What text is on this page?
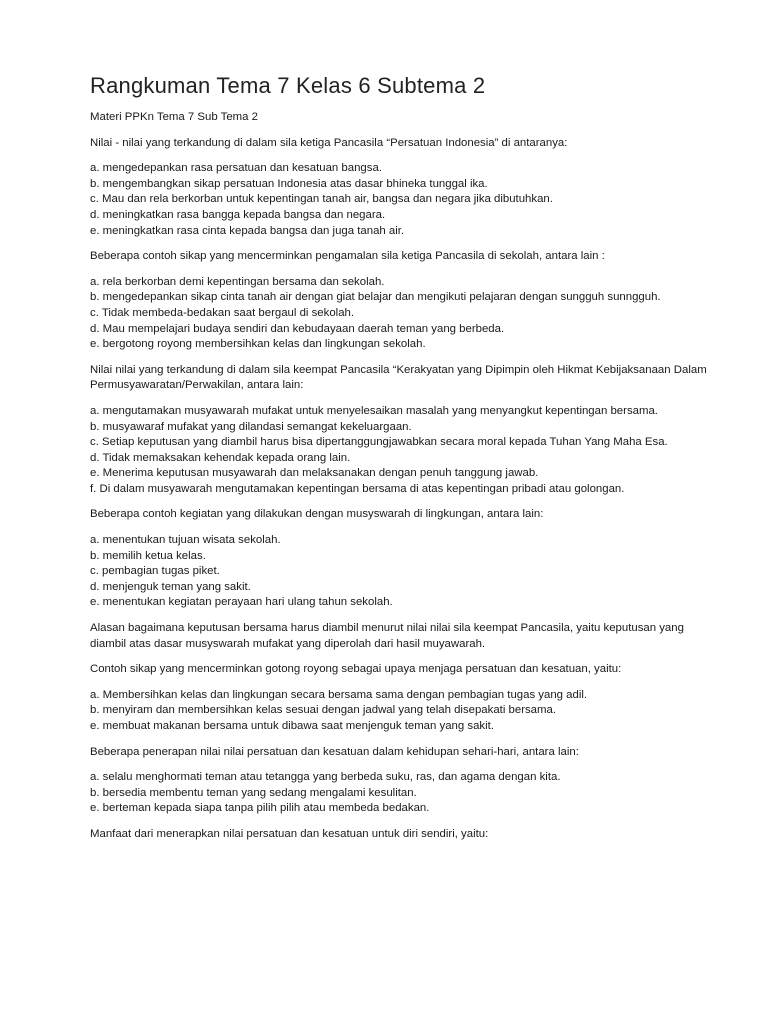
Rangkuman Tema 7 Kelas 6 Subtema 2

Materi PPKn Tema 7 Sub Tema 2

Nilai - nilai yang terkandung di dalam sila ketiga Pancasila “Persatuan Indonesia” di antaranya:

a. mengedepankan rasa persatuan dan kesatuan bangsa.
b. mengembangkan sikap persatuan Indonesia atas dasar bhineka tunggal ika.
c. Mau dan rela berkorban untuk kepentingan tanah air, bangsa dan negara jika dibutuhkan.
d. meningkatkan rasa bangga kepada bangsa dan negara.
e. meningkatkan rasa cinta kepada bangsa dan juga tanah air.

Beberapa contoh sikap yang mencerminkan pengamalan sila ketiga Pancasila di sekolah, antara lain :

a. rela berkorban demi kepentingan bersama dan sekolah.
b. mengedepankan sikap cinta tanah air dengan giat belajar dan mengikuti pelajaran dengan sungguh sunngguh.
c. Tidak membeda-bedakan saat bergaul di sekolah.
d. Mau mempelajari budaya sendiri dan kebudayaan daerah teman yang berbeda.
e. bergotong royong membersihkan kelas dan lingkungan sekolah.

Nilai nilai yang terkandung di dalam sila keempat Pancasila “Kerakyatan yang Dipimpin oleh Hikmat Kebijaksanaan Dalam Permusyawaratan/Perwakilan, antara lain:

a. mengutamakan musyawarah mufakat untuk menyelesaikan masalah yang menyangkut kepentingan bersama.
b. musyawaraf mufakat yang dilandasi semangat kekeluargaan.
c. Setiap keputusan yang diambil harus bisa dipertanggungjawabkan secara moral kepada Tuhan Yang Maha Esa.
d. Tidak memaksakan kehendak kepada orang lain.
e. Menerima keputusan musyawarah dan melaksanakan dengan penuh tanggung jawab.
f. Di dalam musyawarah mengutamakan kepentingan bersama di atas kepentingan pribadi atau golongan.

Beberapa contoh kegiatan yang dilakukan dengan musyswarah di lingkungan, antara lain:

a. menentukan tujuan wisata sekolah.
b. memilih ketua kelas.
c. pembagian tugas piket.
d. menjenguk teman yang sakit.
e. menentukan kegiatan perayaan hari ulang tahun sekolah.

Alasan bagaimana keputusan bersama harus diambil menurut nilai nilai sila keempat Pancasila, yaitu keputusan yang diambil atas dasar musyswarah mufakat yang diperolah dari hasil muyawarah.

Contoh sikap yang mencerminkan gotong royong sebagai upaya menjaga persatuan dan kesatuan, yaitu:

a. Membersihkan kelas dan lingkungan secara bersama sama dengan pembagian tugas yang adil.
b. menyiram dan membersihkan kelas sesuai dengan jadwal yang telah disepakati bersama.
e. membuat makanan bersama untuk dibawa saat menjenguk teman yang sakit.

Beberapa penerapan nilai nilai persatuan dan kesatuan dalam kehidupan sehari-hari, antara lain:

a. selalu menghormati teman atau tetangga yang berbeda suku, ras, dan agama dengan kita.
b. bersedia membentu teman yang sedang mengalami kesulitan.
e. berteman kepada siapa tanpa pilih pilih atau membeda bedakan.

Manfaat dari menerapkan nilai persatuan dan kesatuan untuk diri sendiri, yaitu:
